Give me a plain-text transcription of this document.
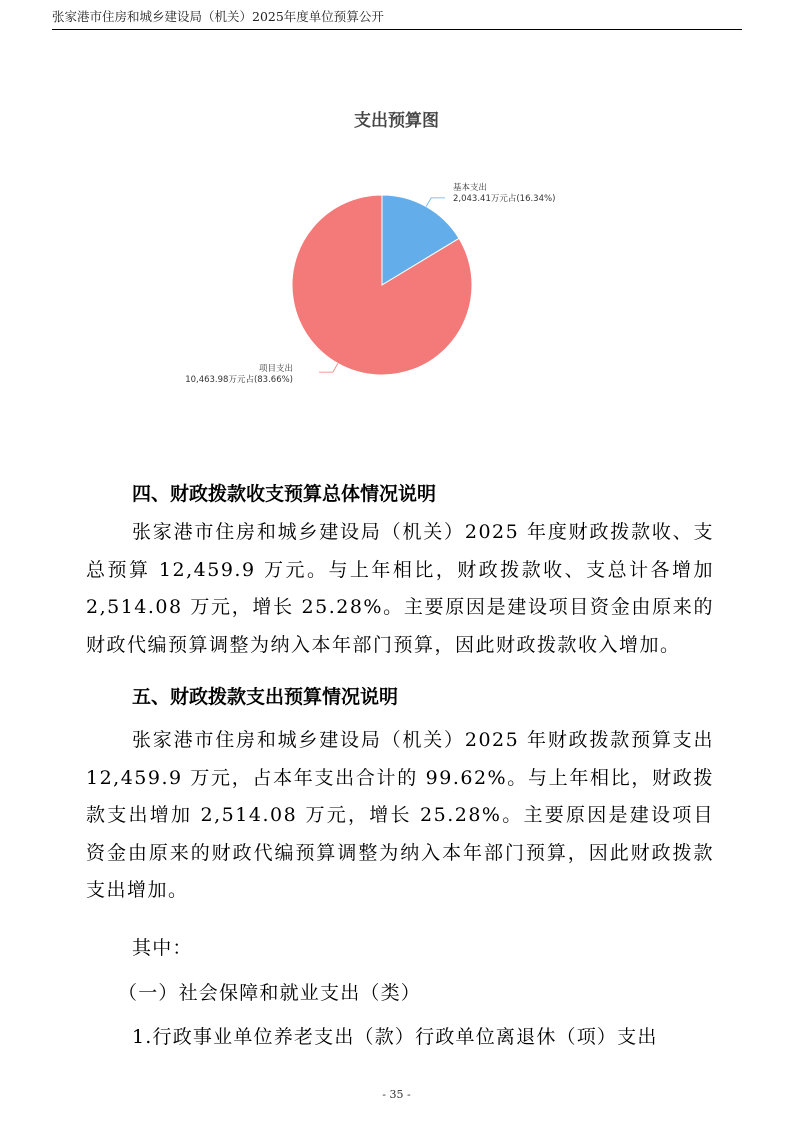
张家港市住房和城乡建设局（机关）2025年度单位预算公开
支出预算图
基本支出
2,043.41万元占(16.34%)
项目支出
10,463.98万元占(83.66%)
四、财政拨款收支预算总体情况说明

张家港市住房和城乡建设局（机关）2025 年度财政拨款收、支总预算 12,459.9 万元。与上年相比，财政拨款收、支总计各增加 2,514.08 万元，增长 25.28%。主要原因是建设项目资金由原来的财政代编预算调整为纳入本年部门预算，因此财政拨款收入增加。

五、财政拨款支出预算情况说明

张家港市住房和城乡建设局（机关）2025 年财政拨款预算支出 12,459.9 万元，占本年支出合计的 99.62%。与上年相比，财政拨款支出增加 2,514.08 万元，增长 25.28%。主要原因是建设项目资金由原来的财政代编预算调整为纳入本年部门预算，因此财政拨款支出增加。

其中：
（一）社会保障和就业支出（类）
1.行政事业单位养老支出（款）行政单位离退休（项）支出
- 35 -
